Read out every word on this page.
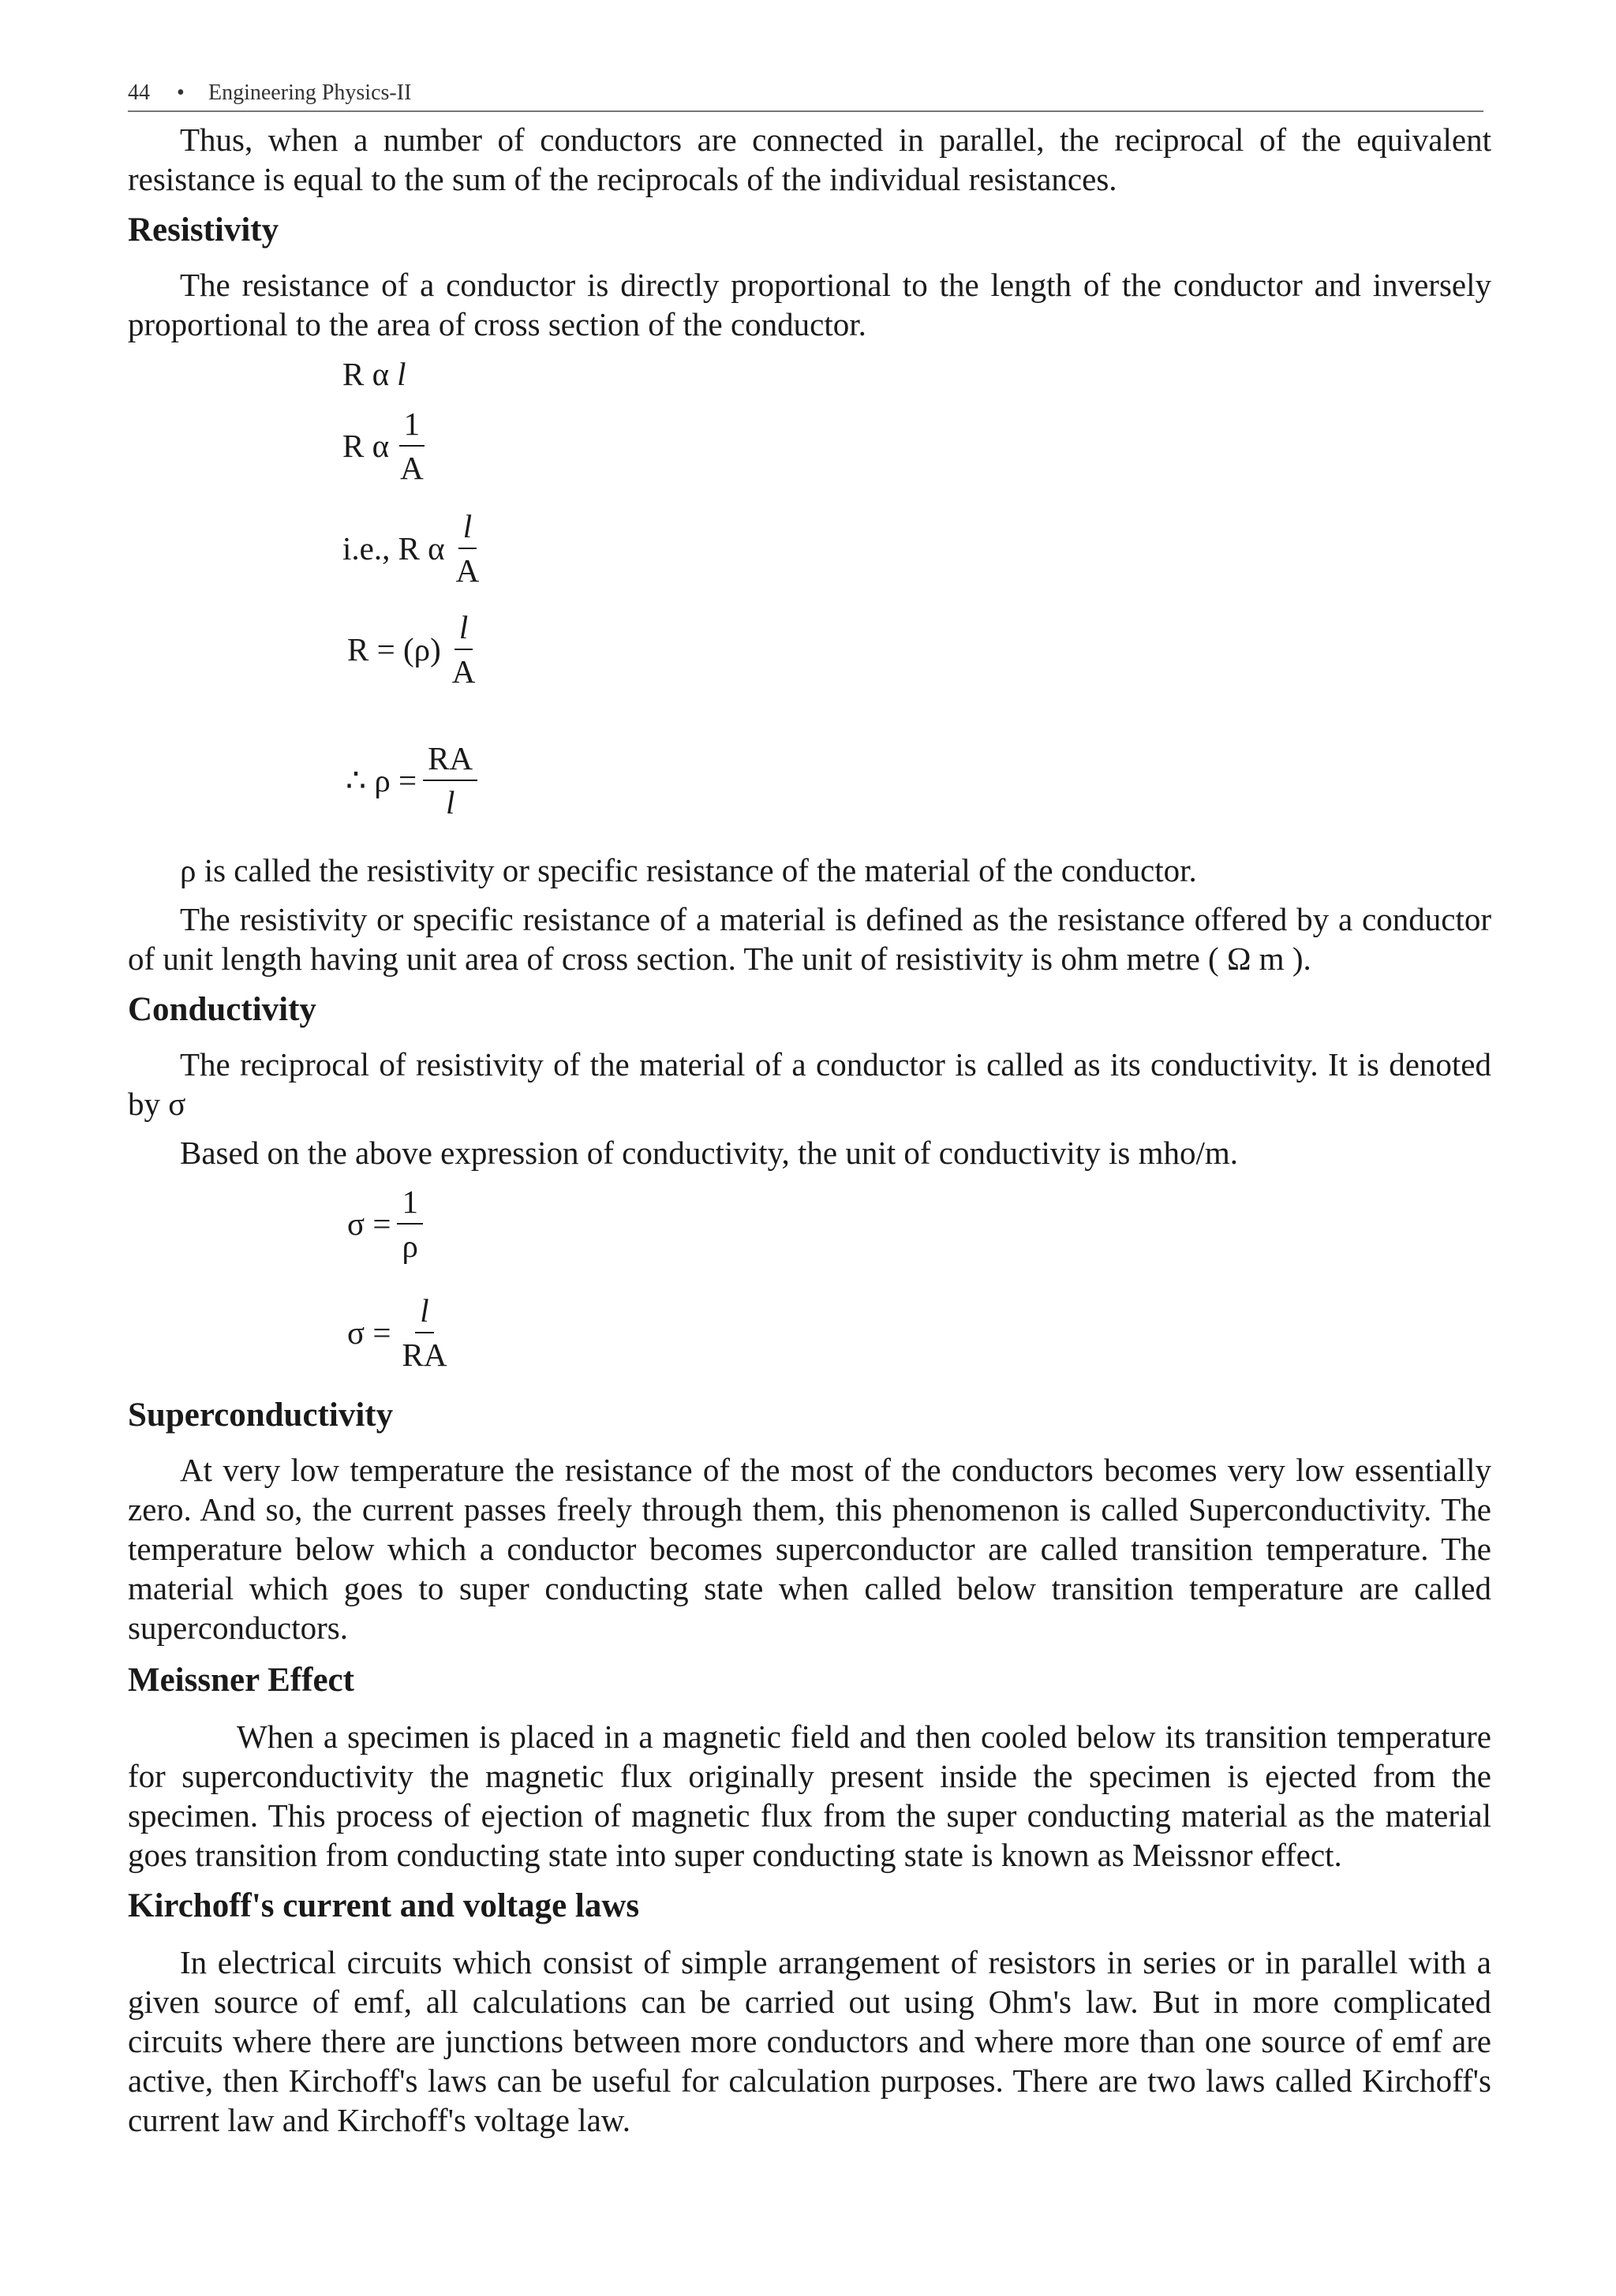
44 • Engineering Physics-II

Thus, when a number of conductors are connected in parallel, the reciprocal of the equivalent resistance is equal to the sum of the reciprocals of the individual resistances.

Resistivity

The resistance of a conductor is directly proportional to the length of the conductor and inversely proportional to the area of cross section of the conductor.

R α l
R α $\frac{1}{A}$
i.e., R α $\frac{l}{A}$
$R = (\rho) \frac{l}{A}$
∴ $\rho = \frac{RA}{l}$

ρ is called the resistivity or specific resistance of the material of the conductor.

The resistivity or specific resistance of a material is defined as the resistance offered by a conductor of unit length having unit area of cross section. The unit of resistivity is ohm metre ( Ω m ).

Conductivity

The reciprocal of resistivity of the material of a conductor is called as its conductivity. It is denoted by σ

Based on the above expression of conductivity, the unit of conductivity is mho/m.

$\sigma = \frac{1}{\rho}$
$\sigma = \frac{l}{RA}$
Superconductivity

At very low temperature the resistance of the most of the conductors becomes very low essentially zero. And so, the current passes freely through them, this phenomenon is called Superconductivity. The temperature below which a conductor becomes superconductor are called transition temperature. The material which goes to super conducting state when called below transition temperature are called superconductors.

Meissner Effect

When a specimen is placed in a magnetic field and then cooled below its transition temperature for superconductivity the magnetic flux originally present inside the specimen is ejected from the specimen. This process of ejection of magnetic flux from the super conducting material as the material goes transition from conducting state into super conducting state is known as Meissnor effect.

Kirchoff's current and voltage laws

In electrical circuits which consist of simple arrangement of resistors in series or in parallel with a given source of emf, all calculations can be carried out using Ohm's law. But in more complicated circuits where there are junctions between more conductors and where more than one source of emf are active, then Kirchoff's laws can be useful for calculation purposes. There are two laws called Kirchoff's current law and Kirchoff's voltage law.
